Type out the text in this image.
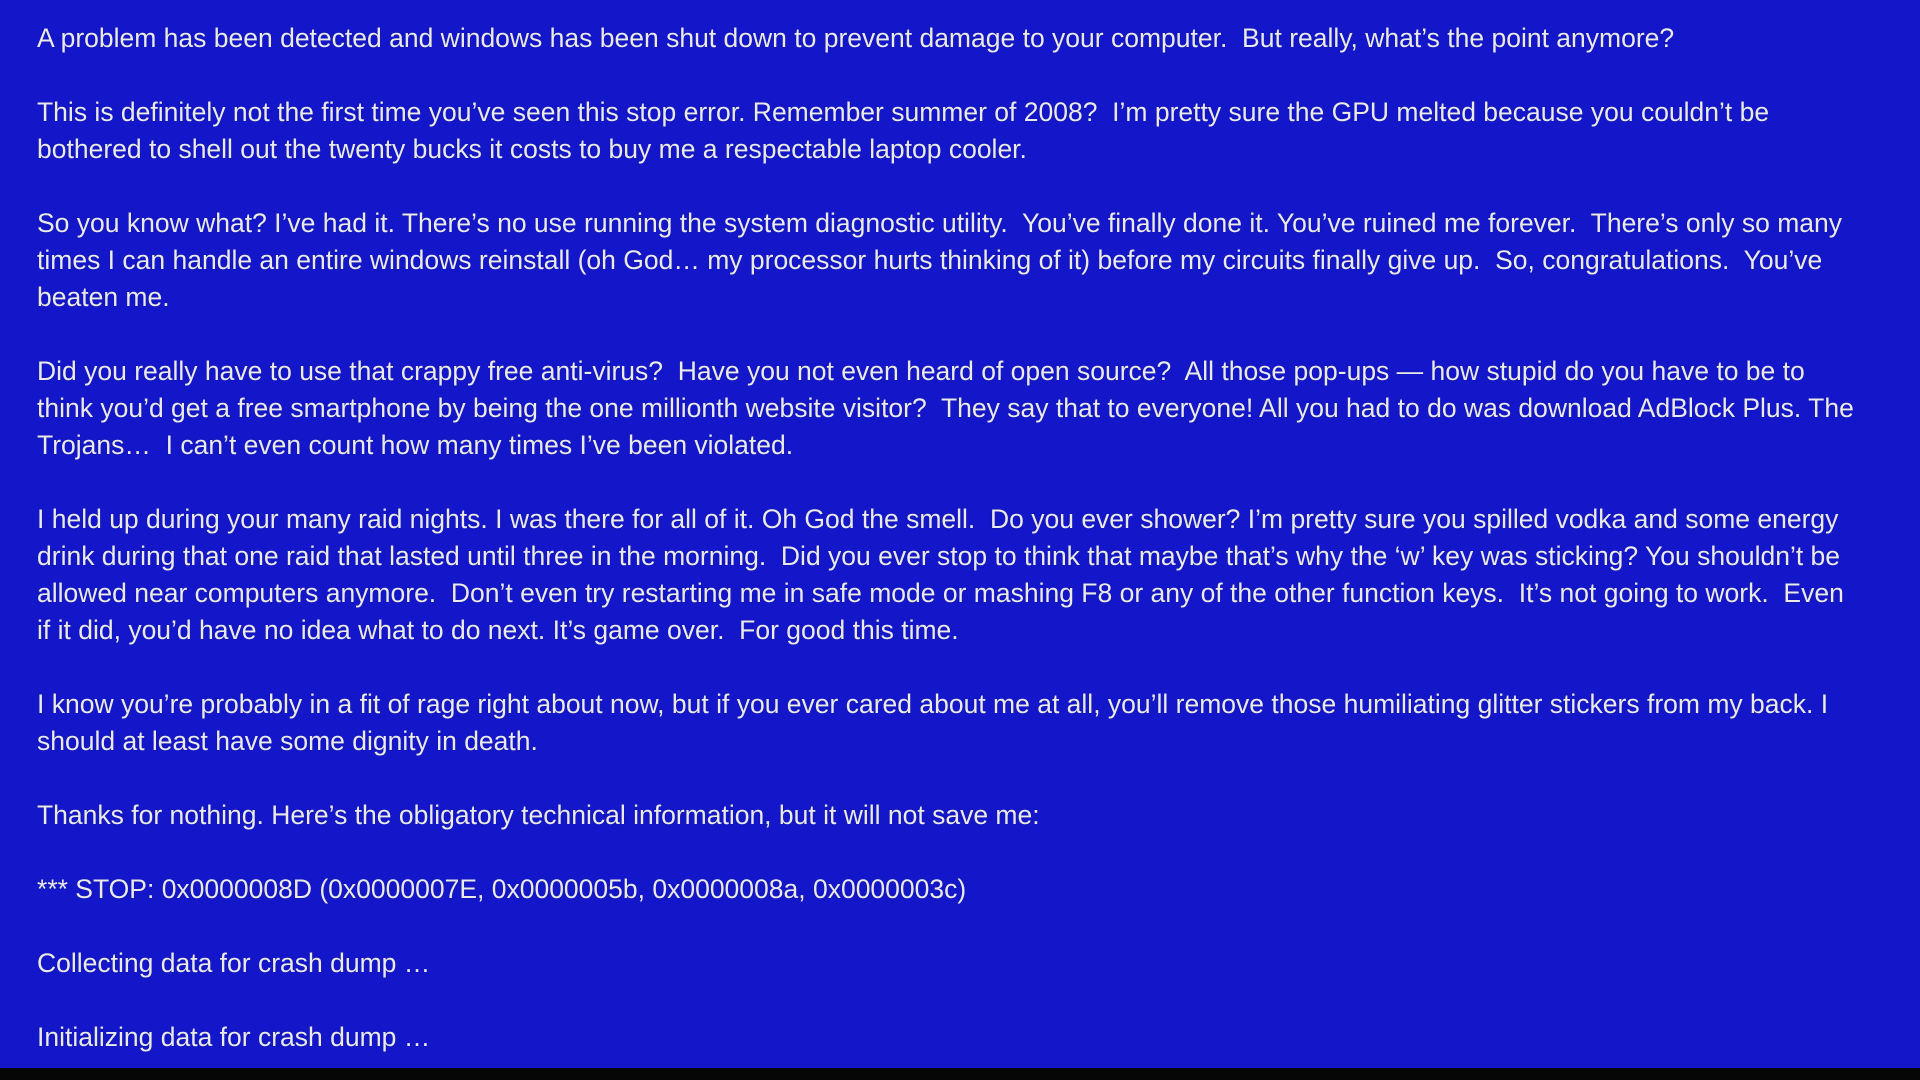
A problem has been detected and windows has been shut down to prevent damage to your computer.  But really, what’s the point anymore?

This is definitely not the first time you’ve seen this stop error. Remember summer of 2008?  I’m pretty sure the GPU melted because you couldn’t be bothered to shell out the twenty bucks it costs to buy me a respectable laptop cooler.

So you know what? I’ve had it. There’s no use running the system diagnostic utility.  You’ve finally done it. You’ve ruined me forever.  There’s only so many times I can handle an entire windows reinstall (oh God… my processor hurts thinking of it) before my circuits finally give up.  So, congratulations.  You’ve beaten me.

Did you really have to use that crappy free anti-virus?  Have you not even heard of open source?  All those pop-ups — how stupid do you have to be to think you’d get a free smartphone by being the one millionth website visitor?  They say that to everyone! All you had to do was download AdBlock Plus. The Trojans…  I can’t even count how many times I’ve been violated.

I held up during your many raid nights. I was there for all of it. Oh God the smell.  Do you ever shower? I’m pretty sure you spilled vodka and some energy drink during that one raid that lasted until three in the morning.  Did you ever stop to think that maybe that’s why the ‘w’ key was sticking? You shouldn’t be allowed near computers anymore.  Don’t even try restarting me in safe mode or mashing F8 or any of the other function keys.  It’s not going to work.  Even if it did, you’d have no idea what to do next. It’s game over.  For good this time.

I know you’re probably in a fit of rage right about now, but if you ever cared about me at all, you’ll remove those humiliating glitter stickers from my back. I should at least have some dignity in death.

Thanks for nothing. Here’s the obligatory technical information, but it will not save me:

*** STOP: 0x0000008D (0x0000007E, 0x0000005b, 0x0000008a, 0x0000003c)

Collecting data for crash dump …

Initializing data for crash dump …
